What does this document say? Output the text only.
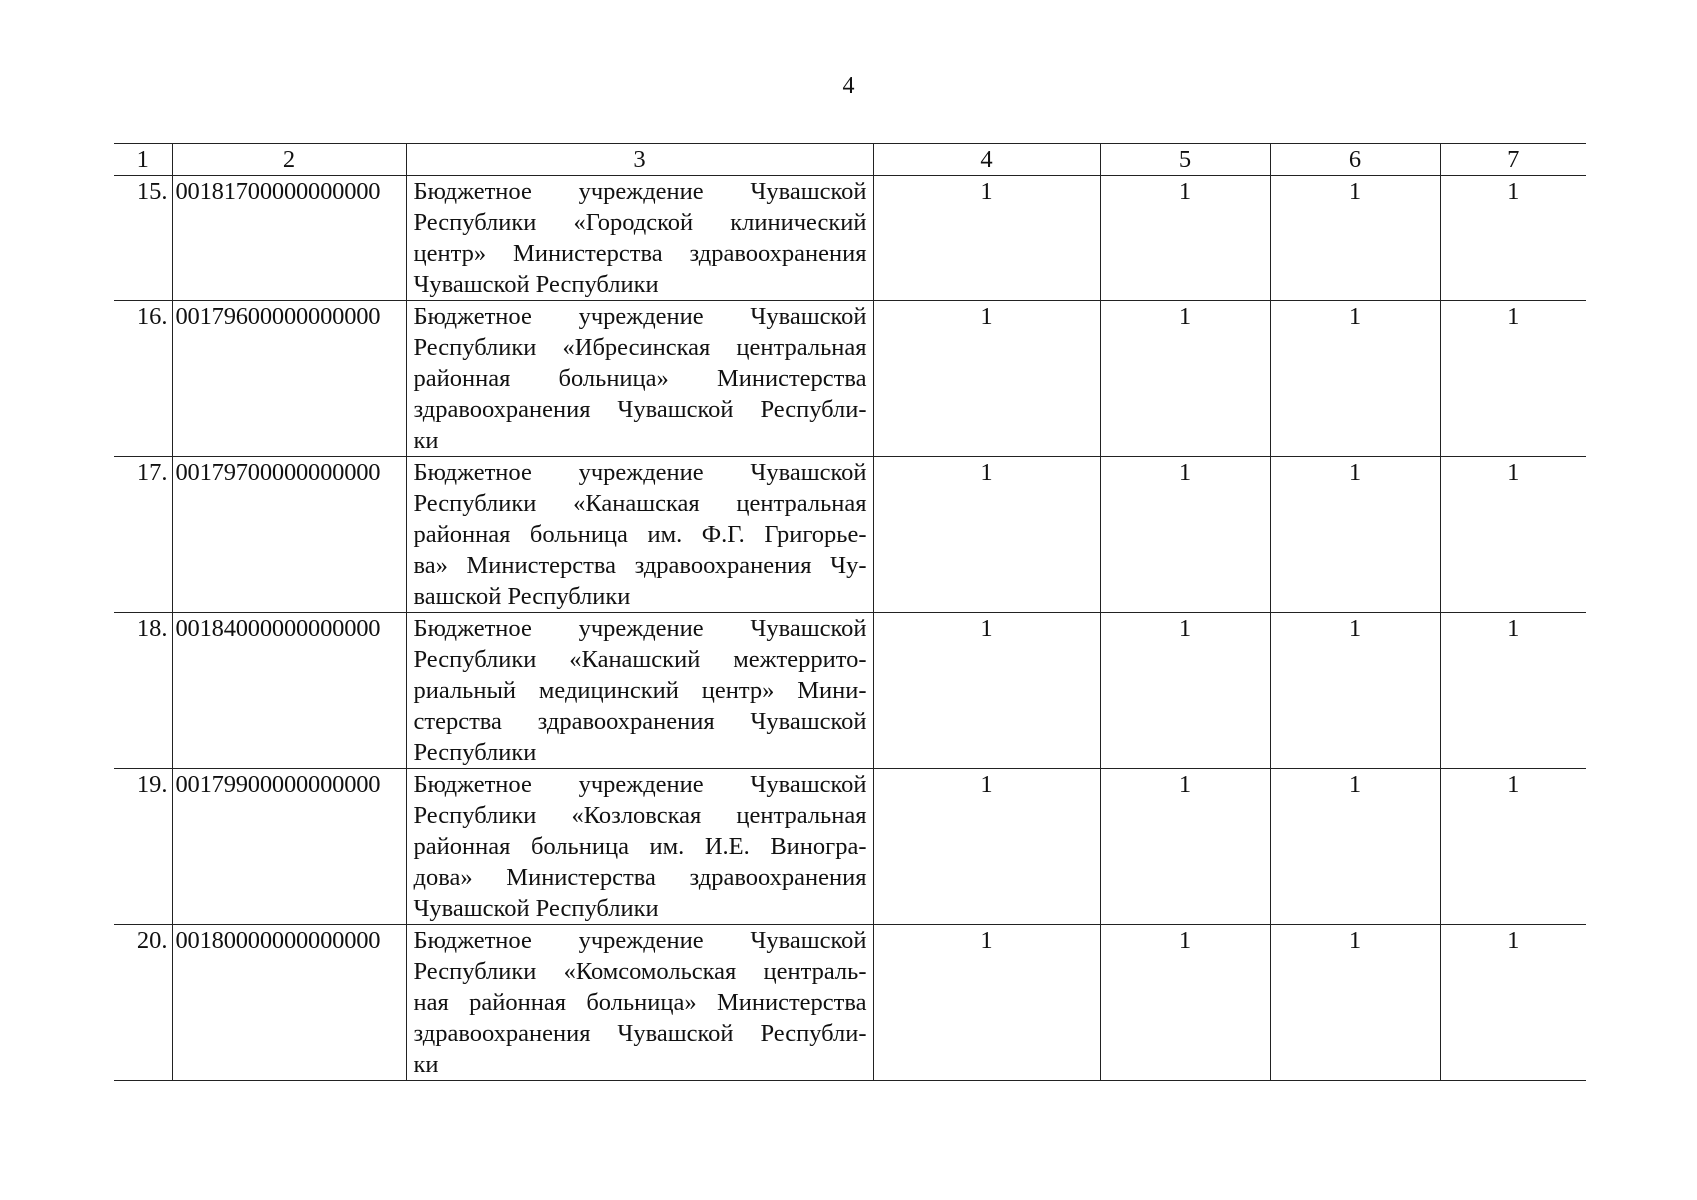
4
1	2	3	4	5	6	7
15.	00181700000000000	Бюджетное учреждение Чувашской
Республики «Городской клинический
центр» Министерства здравоохранения
Чувашской Республики	1	1	1	1
16.	00179600000000000	Бюджетное учреждение Чувашской
Республики «Ибресинская центральная
районная больница» Министерства
здравоохранения Чувашской Республи-
ки	1	1	1	1
17.	00179700000000000	Бюджетное учреждение Чувашской
Республики «Канашская центральная
районная больница им. Ф.Г. Григорье-
ва» Министерства здравоохранения Чу-
вашской Республики	1	1	1	1
18.	00184000000000000	Бюджетное учреждение Чувашской
Республики «Канашский межтеррито-
риальный медицинский центр» Мини-
стерства здравоохранения Чувашской
Республики	1	1	1	1
19.	00179900000000000	Бюджетное учреждение Чувашской
Республики «Козловская центральная
районная больница им. И.Е. Виногра-
дова» Министерства здравоохранения
Чувашской Республики	1	1	1	1
20.	00180000000000000	Бюджетное учреждение Чувашской
Республики «Комсомольская централь-
ная районная больница» Министерства
здравоохранения Чувашской Республи-
ки	1	1	1	1
